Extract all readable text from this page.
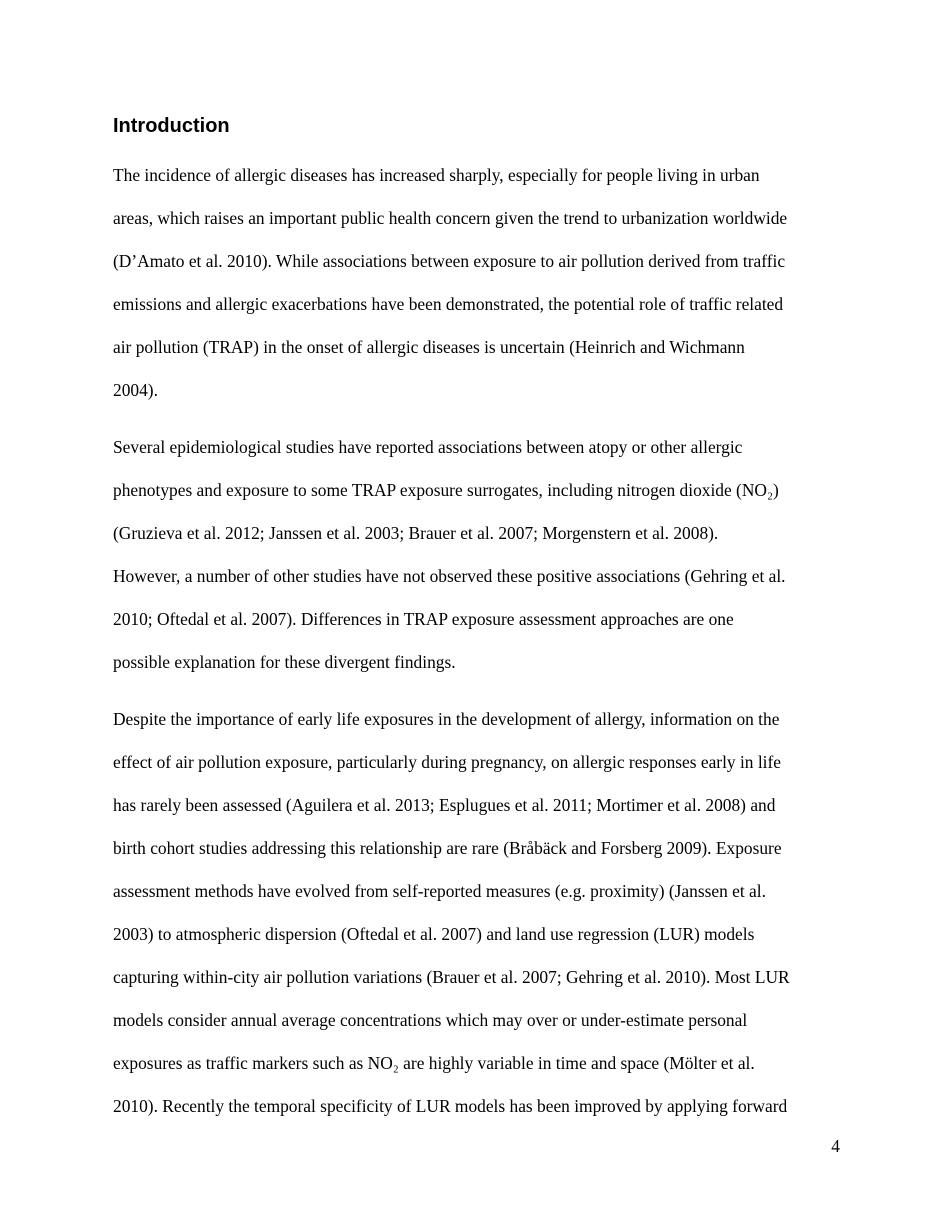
Introduction

The incidence of allergic diseases has increased sharply, especially for people living in urban
areas, which raises an important public health concern given the trend to urbanization worldwide
(D’Amato et al. 2010). While associations between exposure to air pollution derived from traffic
emissions and allergic exacerbations have been demonstrated, the potential role of traffic related
air pollution (TRAP) in the onset of allergic diseases is uncertain (Heinrich and Wichmann
2004).

Several epidemiological studies have reported associations between atopy or other allergic
phenotypes and exposure to some TRAP exposure surrogates, including nitrogen dioxide (NO₂)
(Gruzieva et al. 2012; Janssen et al. 2003; Brauer et al. 2007; Morgenstern et al. 2008).
However, a number of other studies have not observed these positive associations (Gehring et al.
2010; Oftedal et al. 2007). Differences in TRAP exposure assessment approaches are one
possible explanation for these divergent findings.

Despite the importance of early life exposures in the development of allergy, information on the
effect of air pollution exposure, particularly during pregnancy, on allergic responses early in life
has rarely been assessed (Aguilera et al. 2013; Esplugues et al. 2011; Mortimer et al. 2008) and
birth cohort studies addressing this relationship are rare (Bråbäck and Forsberg 2009). Exposure
assessment methods have evolved from self-reported measures (e.g. proximity) (Janssen et al.
2003) to atmospheric dispersion (Oftedal et al. 2007) and land use regression (LUR) models
capturing within-city air pollution variations (Brauer et al. 2007; Gehring et al. 2010). Most LUR
models consider annual average concentrations which may over or under-estimate personal
exposures as traffic markers such as NO₂ are highly variable in time and space (Mölter et al.
2010). Recently the temporal specificity of LUR models has been improved by applying forward

4
